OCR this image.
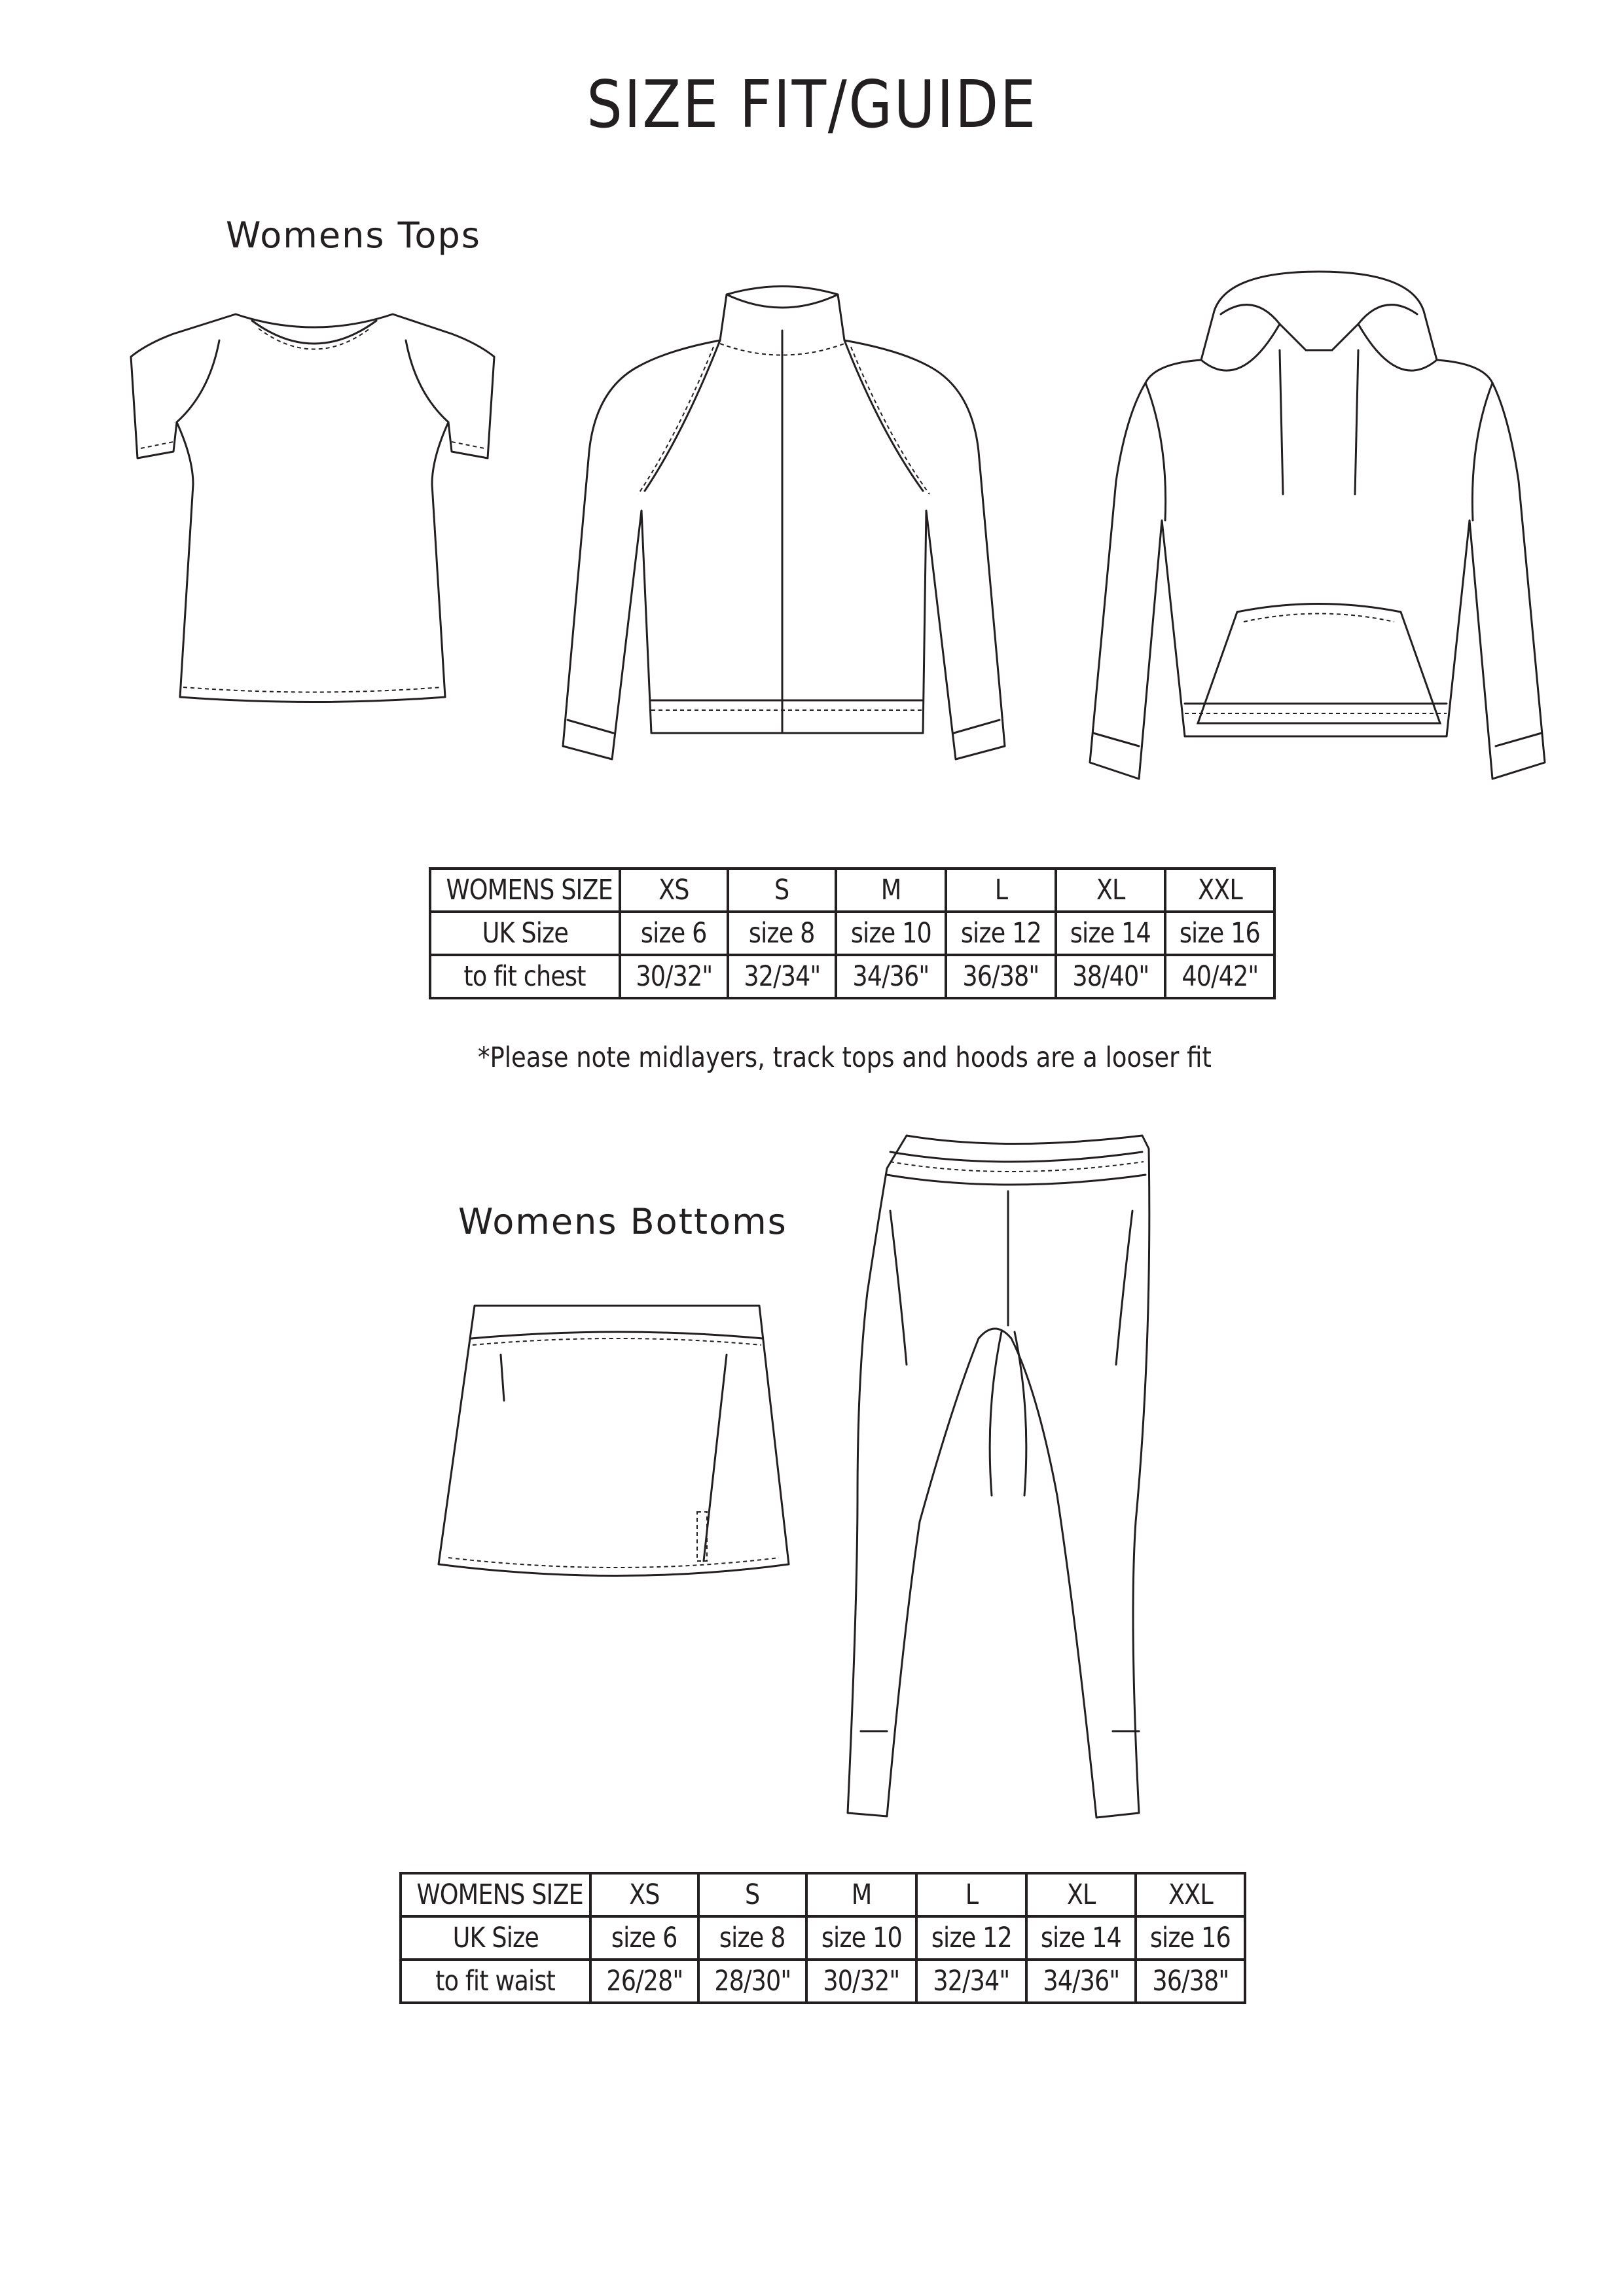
SIZE FIT/GUIDE
Womens Tops
WOMENS SIZE	XS	S	M	L	XL	XXL
UK Size	size 6	size 8	size 10	size 12	size 14	size 16
to fit chest	30/32"	32/34"	34/36"	36/38"	38/40"	40/42"
*Please note midlayers, track tops and hoods are a looser fit
Womens Bottoms
WOMENS SIZE	XS	S	M	L	XL	XXL
UK Size	size 6	size 8	size 10	size 12	size 14	size 16
to fit waist	26/28"	28/30"	30/32"	32/34"	34/36"	36/38"
